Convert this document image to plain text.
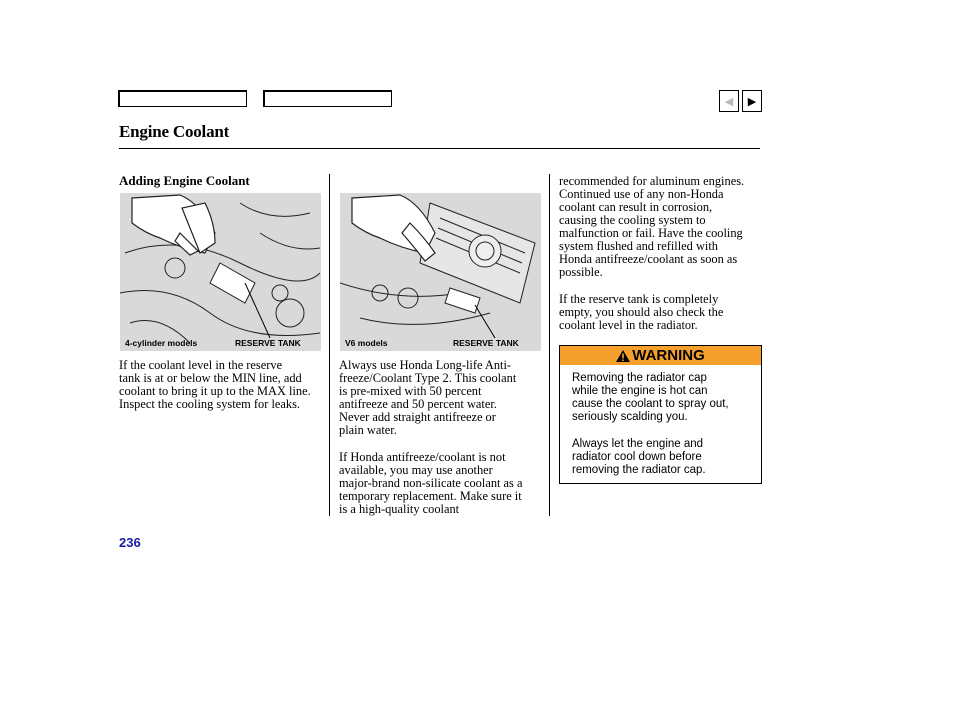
◀ ▶
Engine Coolant
Adding Engine Coolant
4-cylinder models	RESERVE TANK	V6 models	RESERVE TANK
If the coolant level in the reserve
tank is at or below the MIN line, add
coolant to bring it up to the MAX line.
Inspect the cooling system for leaks.
Always use Honda Long-life Anti-
freeze/Coolant Type 2. This coolant
is pre-mixed with 50 percent
antifreeze and 50 percent water.
Never add straight antifreeze or
plain water.
If Honda antifreeze/coolant is not
available, you may use another
major-brand non-silicate coolant as a
temporary replacement. Make sure it
is a high-quality coolant
recommended for aluminum engines.
Continued use of any non-Honda
coolant can result in corrosion,
causing the cooling system to
malfunction or fail. Have the cooling
system flushed and refilled with
Honda antifreeze/coolant as soon as
possible.
If the reserve tank is completely
empty, you should also check the
coolant level in the radiator.
WARNING
Removing the radiator cap
while the engine is hot can
cause the coolant to spray out,
seriously scalding you.
Always let the engine and
radiator cool down before
removing the radiator cap.
236
